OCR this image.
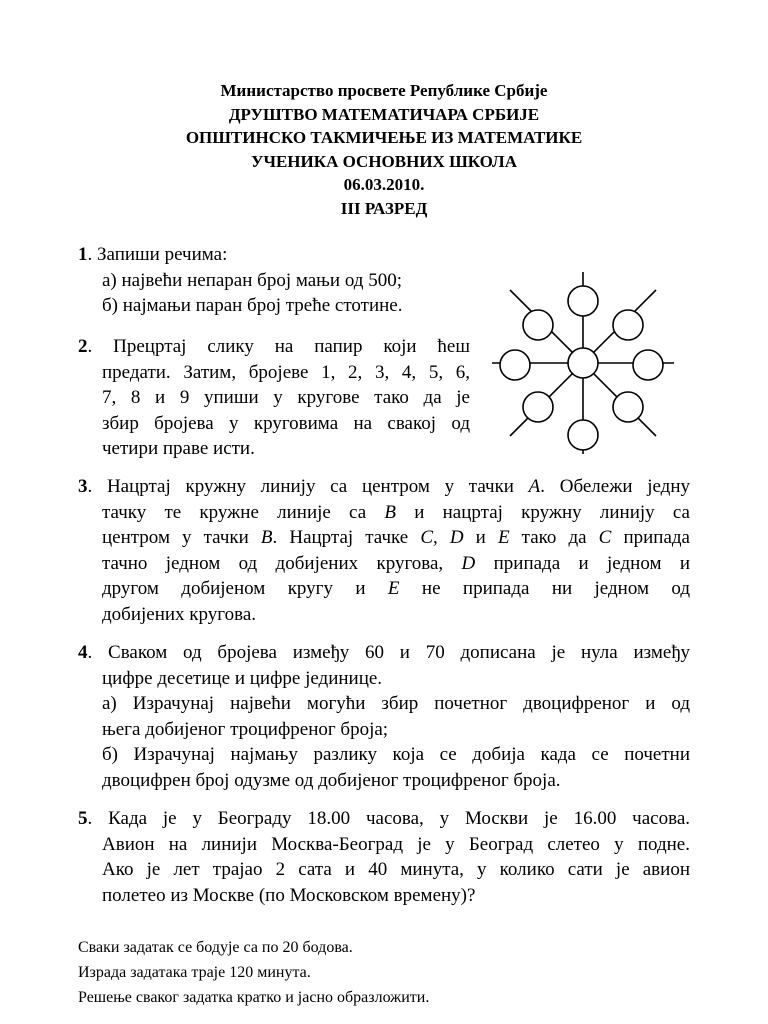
Министарство просвете Републике Србије
ДРУШТВО МАТЕМАТИЧАРА СРБИЈЕ
ОПШТИНСКО ТАКМИЧЕЊЕ ИЗ МАТЕМАТИКЕ
УЧЕНИКА ОСНОВНИХ ШКОЛА
06.03.2010.
III РАЗРЕД

1. Запиши речима:

а) највећи непаран број мањи од 500;

б) најмањи паран број треће стотине.

2. Прецртај слику на папир који ћеш

предати. Затим, бројеве 1, 2, 3, 4, 5, 6,

7, 8 и 9 упиши у кругове тако да је

збир бројева у круговима на свакој од

четири праве исти.

3. Нацртај кружну линију са центром у тачки A. Обележи једну

тачку те кружне линије са B и нацртај кружну линију са

центром у тачки B. Нацртај тачке C, D и E тако да C припада

тачно једном од добијених кругова, D припада и једном и

другом добијеном кругу и E не припада ни једном од

добијених кругова.

4. Сваком од бројева између 60 и 70 дописана је нула између

цифре десетице и цифре јединице.

а) Израчунај највећи могући збир почетног двоцифреног и од

њега добијеног троцифреног броја;

б) Израчунај најмању разлику која се добија када се почетни

двоцифрен број одузме од добијеног троцифреног броја.

5. Када је у Београду 18.00 часова, у Москви је 16.00 часова.

Авион на линији Москва-Београд је у Београд слетео у подне.

Ако је лет трајао 2 сата и 40 минута, у колико сати је авион

полетео из Москве (по Московском времену)?

Сваки задатак се бодује са по 20 бодова.
Израда задатака траје 120 минута.
Решење сваког задатка кратко и јасно образложити.
